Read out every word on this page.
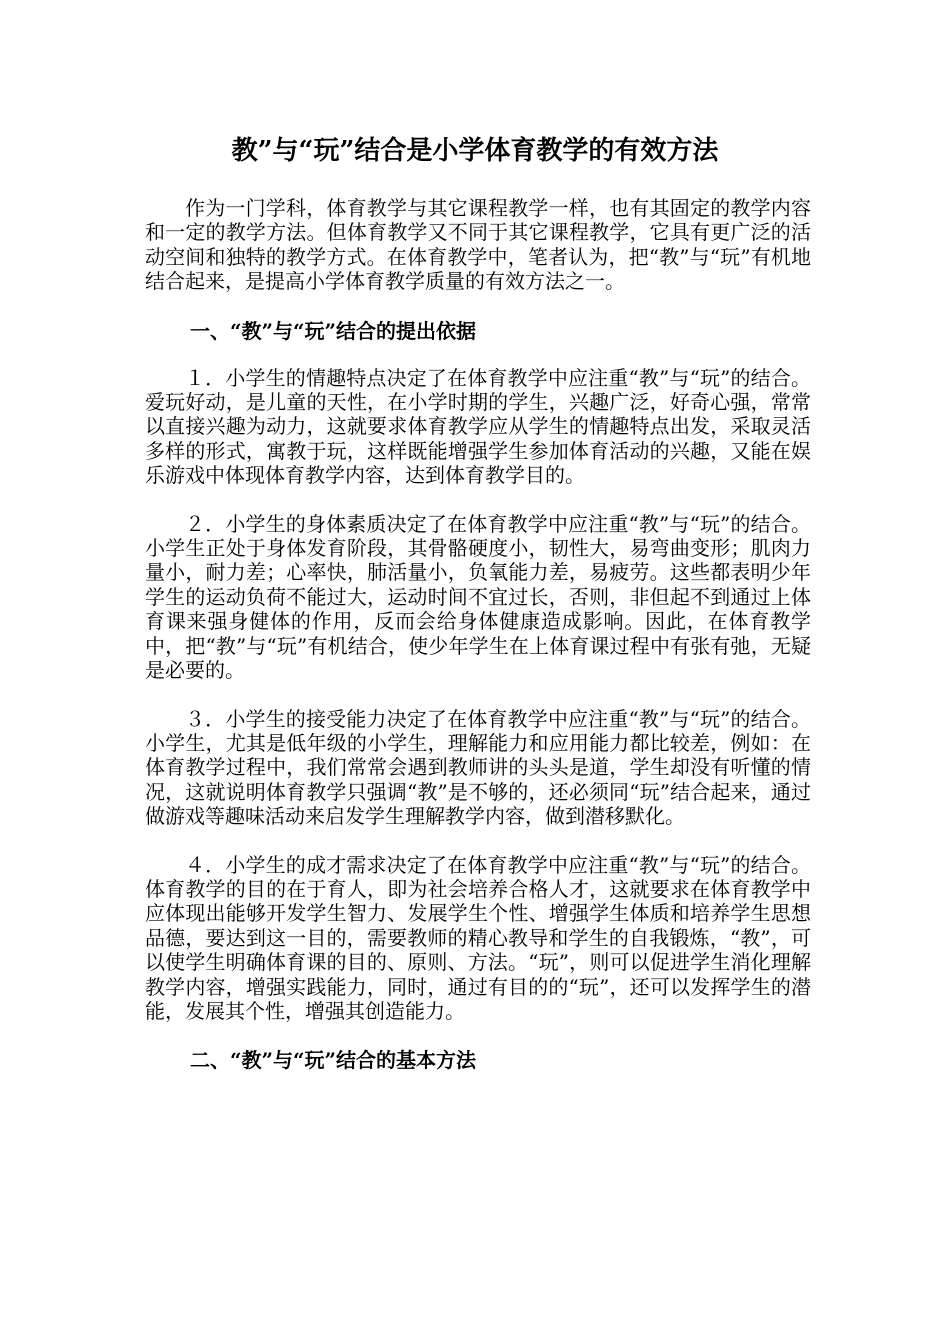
教”与“玩”结合是小学体育教学的有效方法

作为一门学科，体育教学与其它课程教学一样，也有其固定的教学内容和一定的教学方法。但体育教学又不同于其它课程教学，它具有更广泛的活动空间和独特的教学方式。在体育教学中，笔者认为，把“教”与“玩”有机地结合起来，是提高小学体育教学质量的有效方法之一。

一、“教”与“玩”结合的提出依据

１．小学生的情趣特点决定了在体育教学中应注重“教”与“玩”的结合。爱玩好动，是儿童的天性，在小学时期的学生，兴趣广泛，好奇心强，常常以直接兴趣为动力，这就要求体育教学应从学生的情趣特点出发，采取灵活多样的形式，寓教于玩，这样既能增强学生参加体育活动的兴趣，又能在娱乐游戏中体现体育教学内容，达到体育教学目的。

２．小学生的身体素质决定了在体育教学中应注重“教”与“玩”的结合。小学生正处于身体发育阶段，其骨骼硬度小，韧性大，易弯曲变形；肌肉力量小，耐力差；心率快，肺活量小，负氧能力差，易疲劳。这些都表明少年学生的运动负荷不能过大，运动时间不宜过长，否则，非但起不到通过上体育课来强身健体的作用，反而会给身体健康造成影响。因此，在体育教学中，把“教”与“玩”有机结合，使少年学生在上体育课过程中有张有弛，无疑是必要的。

３．小学生的接受能力决定了在体育教学中应注重“教”与“玩”的结合。小学生，尤其是低年级的小学生，理解能力和应用能力都比较差，例如：在体育教学过程中，我们常常会遇到教师讲的头头是道，学生却没有听懂的情况，这就说明体育教学只强调“教”是不够的，还必须同“玩”结合起来，通过做游戏等趣味活动来启发学生理解教学内容，做到潜移默化。

４．小学生的成才需求决定了在体育教学中应注重“教”与“玩”的结合。体育教学的目的在于育人，即为社会培养合格人才，这就要求在体育教学中应体现出能够开发学生智力、发展学生个性、增强学生体质和培养学生思想品德，要达到这一目的，需要教师的精心教导和学生的自我锻炼，“教”，可以使学生明确体育课的目的、原则、方法。“玩”，则可以促进学生消化理解教学内容，增强实践能力，同时，通过有目的的“玩”，还可以发挥学生的潜能，发展其个性，增强其创造能力。

二、“教”与“玩”结合的基本方法
